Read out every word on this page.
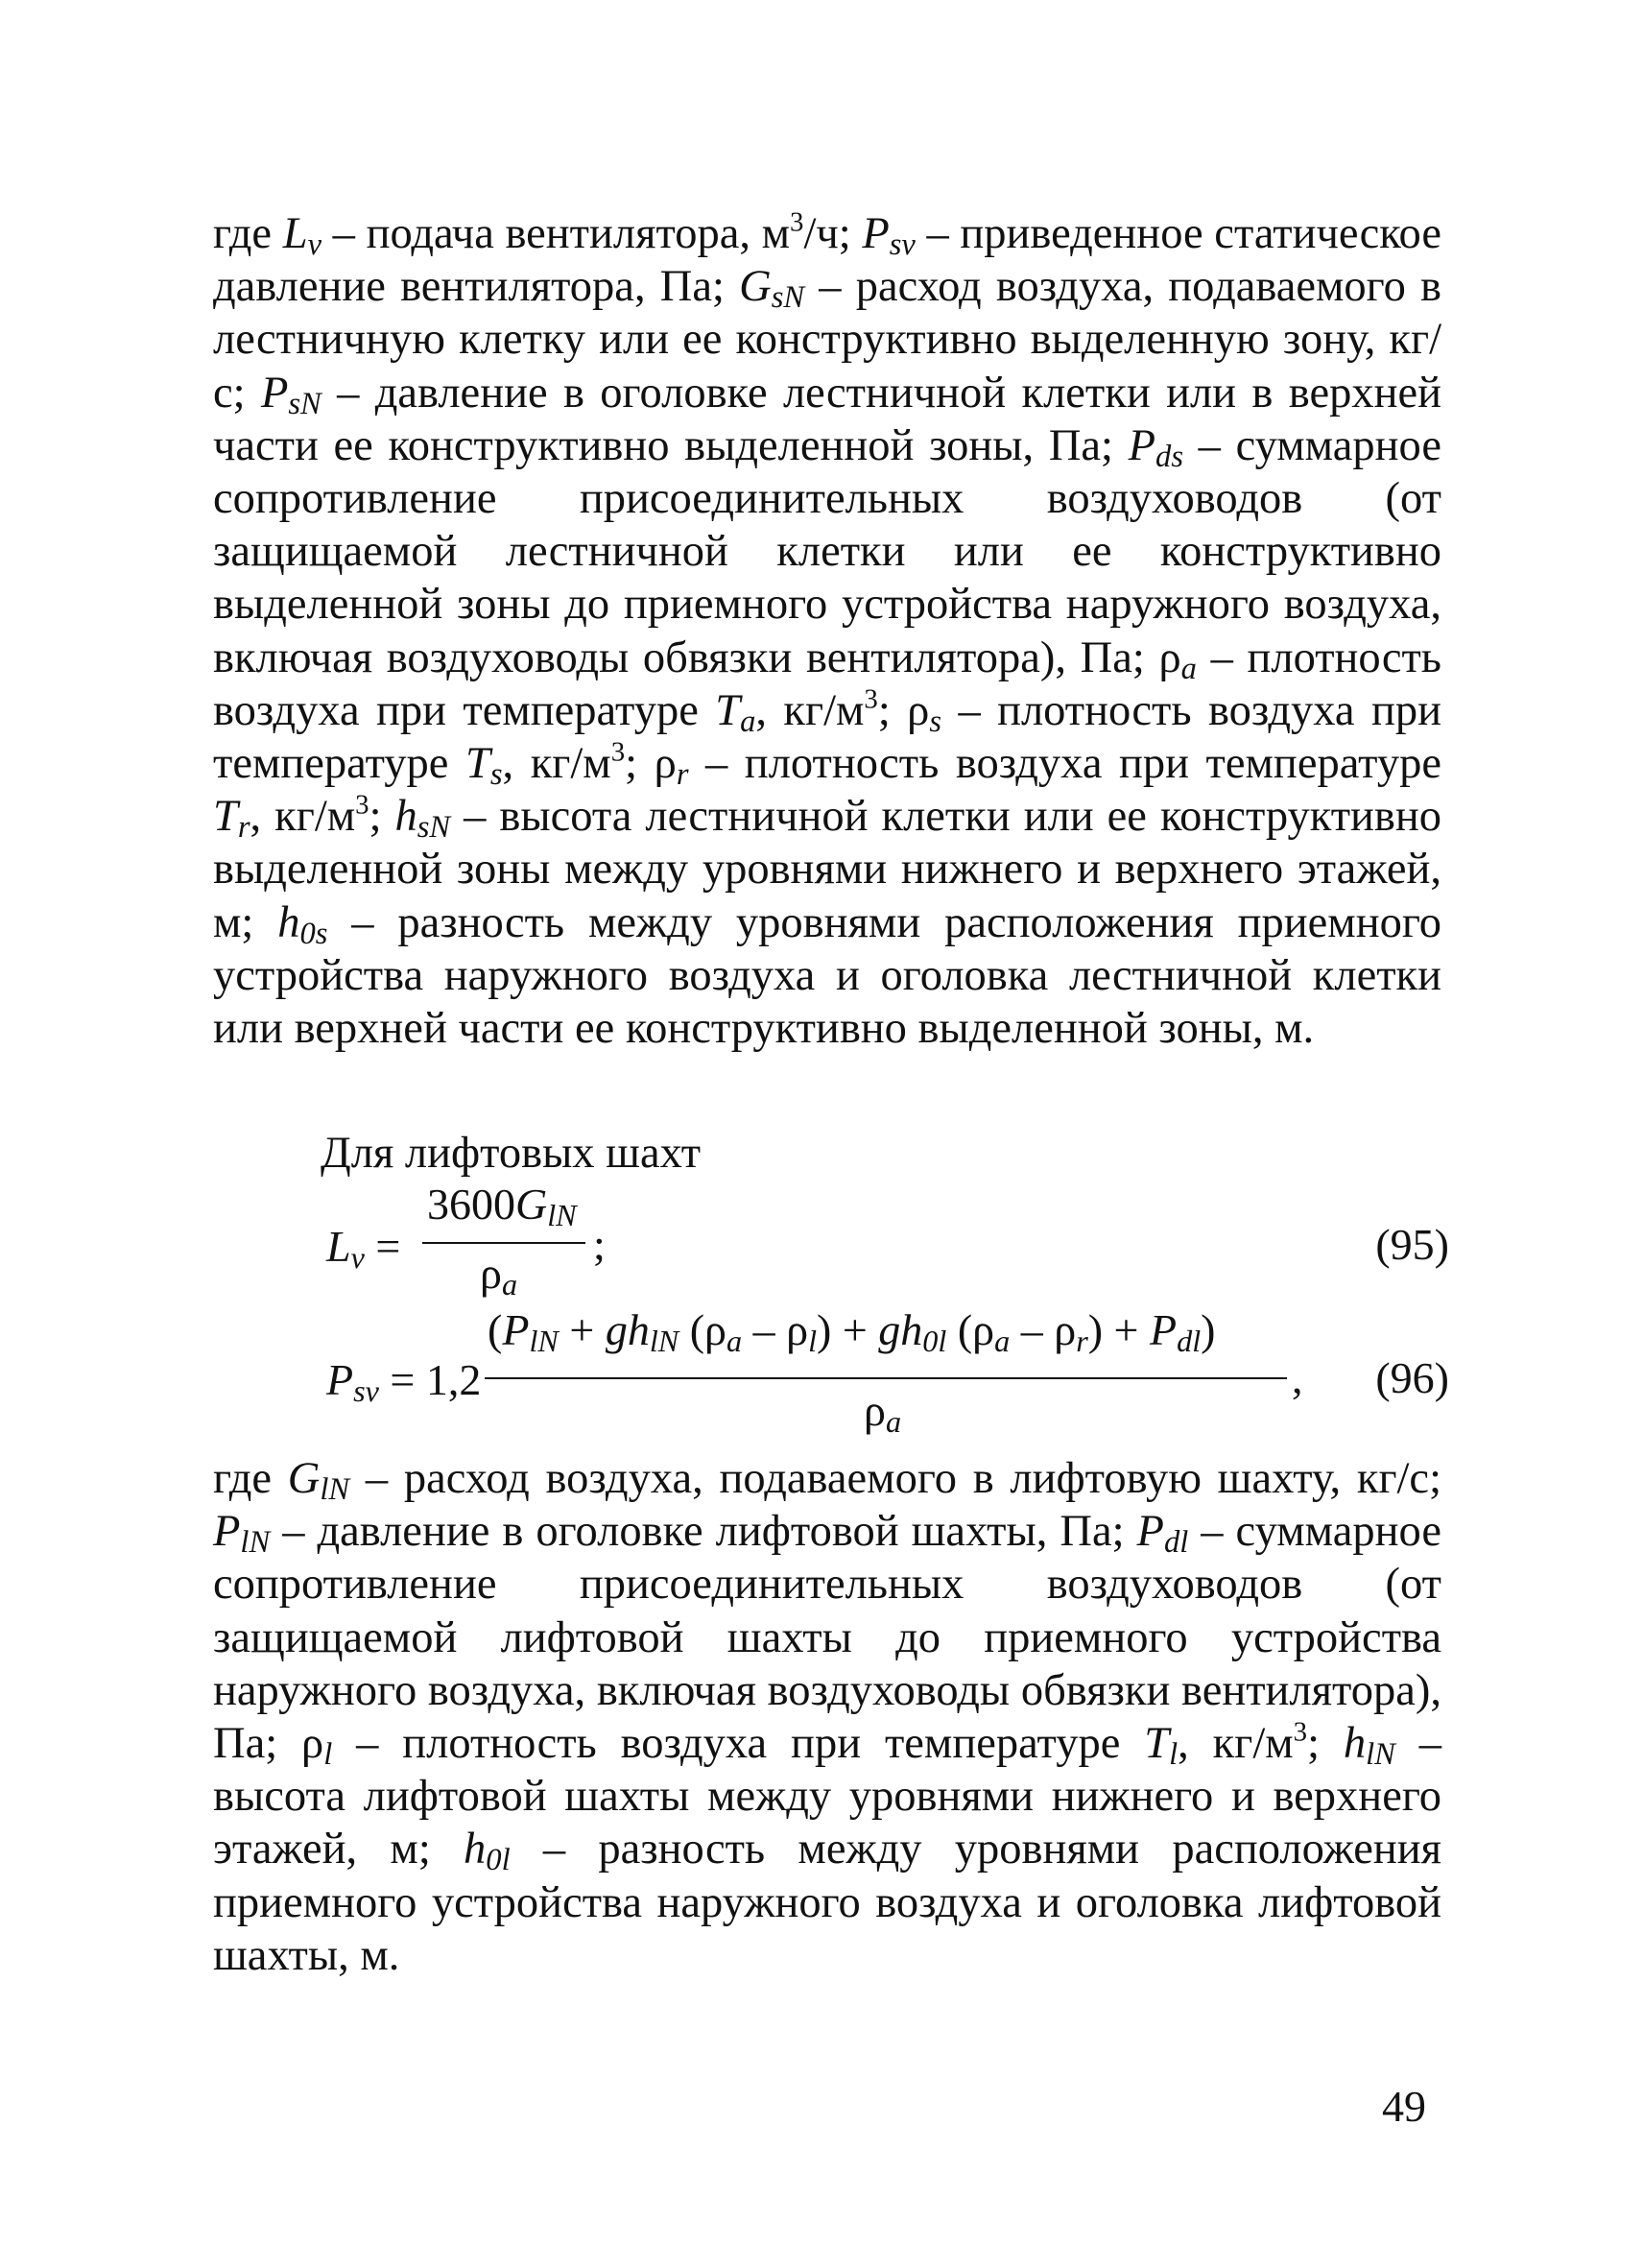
где $L_v$ – подача вентилятора, $м^3/ч$; $P_{sv}$ – приведенное статическое давление вентилятора, Па; $G_{sN}$ – расход воздуха, подаваемого в лестничную клетку или ее конструктивно выделенную зону, кг/с; $P_{sN}$ – давление в оголовке лестничной клетки или в верхней части ее конструктивно выделенной зоны, Па; $P_{ds}$ – суммарное сопротивление присоединительных воздуховодов (от защищаемой лестничной клетки или ее конструктивно выделенной зоны до приемного устройства наружного воздуха, включая воздуховоды обвязки вентилятора), Па; $\rho_a$ – плотность воздуха при температуре $T_a$, $кг/м^3$; $\rho_s$ – плотность воздуха при температуре $T_s$, $кг/м^3$; $\rho_r$ – плотность воздуха при температуре $T_r$, $кг/м^3$; $h_{sN}$ – высота лестничной клетки или ее конструктивно выделенной зоны между уровнями нижнего и верхнего этажей, м; $h_{0s}$ – разность между уровнями расположения приемного устройства наружного воздуха и оголовка лестничной клетки или верхней части ее конструктивно выделенной зоны, м.
Для лифтовых шахт
$L_v$ =
$3600G_{lN}$
$\rho_a$
;	(95)
$P_{sv} = 1,2$
($P_{lN} + gh_{lN}$ $(\rho_a - \rho_l) + gh_{0l}$ $(\rho_a - \rho_r) + P_{dl}$)
$\rho_a$
, (96)
где $G_{lN}$ – расход воздуха, подаваемого в лифтовую шахту, кг/с; $P_{lN}$ – давление в оголовке лифтовой шахты, Па; $P_{dl}$ – суммарное сопротивление присоединительных воздуховодов (от защищаемой лифтовой шахты до приемного устройства наружного воздуха, включая воздуховоды обвязки вентилятора), Па; $\rho_l$ – плотность воздуха при температуре $T_l$, $кг/м^3$; $h_{lN}$ – высота лифтовой шахты между уровнями нижнего и верхнего этажей, м; $h_{0l}$ – разность между уровнями расположения приемного устройства наружного воздуха и оголовка лифтовой шахты, м.
49
